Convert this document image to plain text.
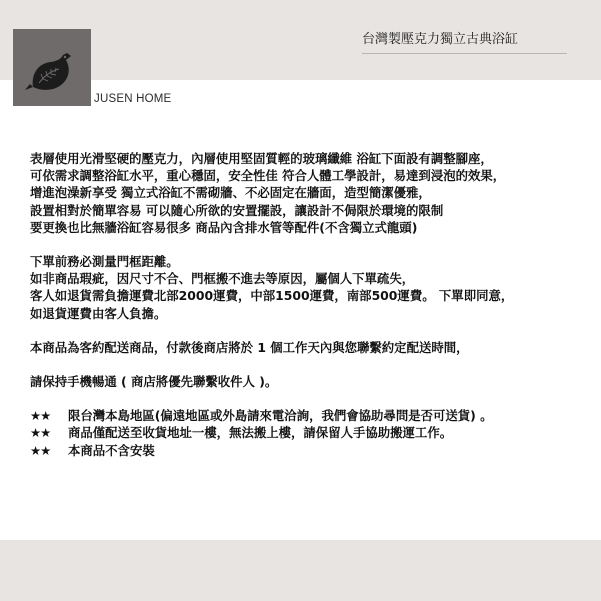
台灣製壓克力獨立古典浴缸
JUSEN HOME
表層使用光滑堅硬的壓克力，內層使用堅固質輕的玻璃纖維 浴缸下面設有調整腳座，
可依需求調整浴缸水平，重心穩固，安全性佳 符合人體工學設計，易達到浸泡的效果，
增進泡澡新享受 獨立式浴缸不需砌牆、不必固定在牆面，造型簡潔優雅，
設置相對於簡單容易 可以隨心所欲的安置擺設，讓設計不侷限於環境的限制
要更換也比無牆浴缸容易很多 商品內含排水管等配件(不含獨立式龍頭)
下單前務必測量門框距離。
如非商品瑕疵，因尺寸不合、門框搬不進去等原因，屬個人下單疏失，
客人如退貨需負擔運費北部2000運費，中部1500運費，南部500運費。 下單即同意，
如退貨運費由客人負擔。
本商品為客約配送商品，付款後商店將於 1 個工作天內與您聯繫約定配送時間，
請保持手機暢通 ( 商店將優先聯繫收件人 )。
★★ 限台灣本島地區(偏遠地區或外島請來電洽詢，我們會協助尋問是否可送貨) 。
★★ 商品僅配送至收貨地址一樓，無法搬上樓，請保留人手協助搬運工作。
★★ 本商品不含安裝
